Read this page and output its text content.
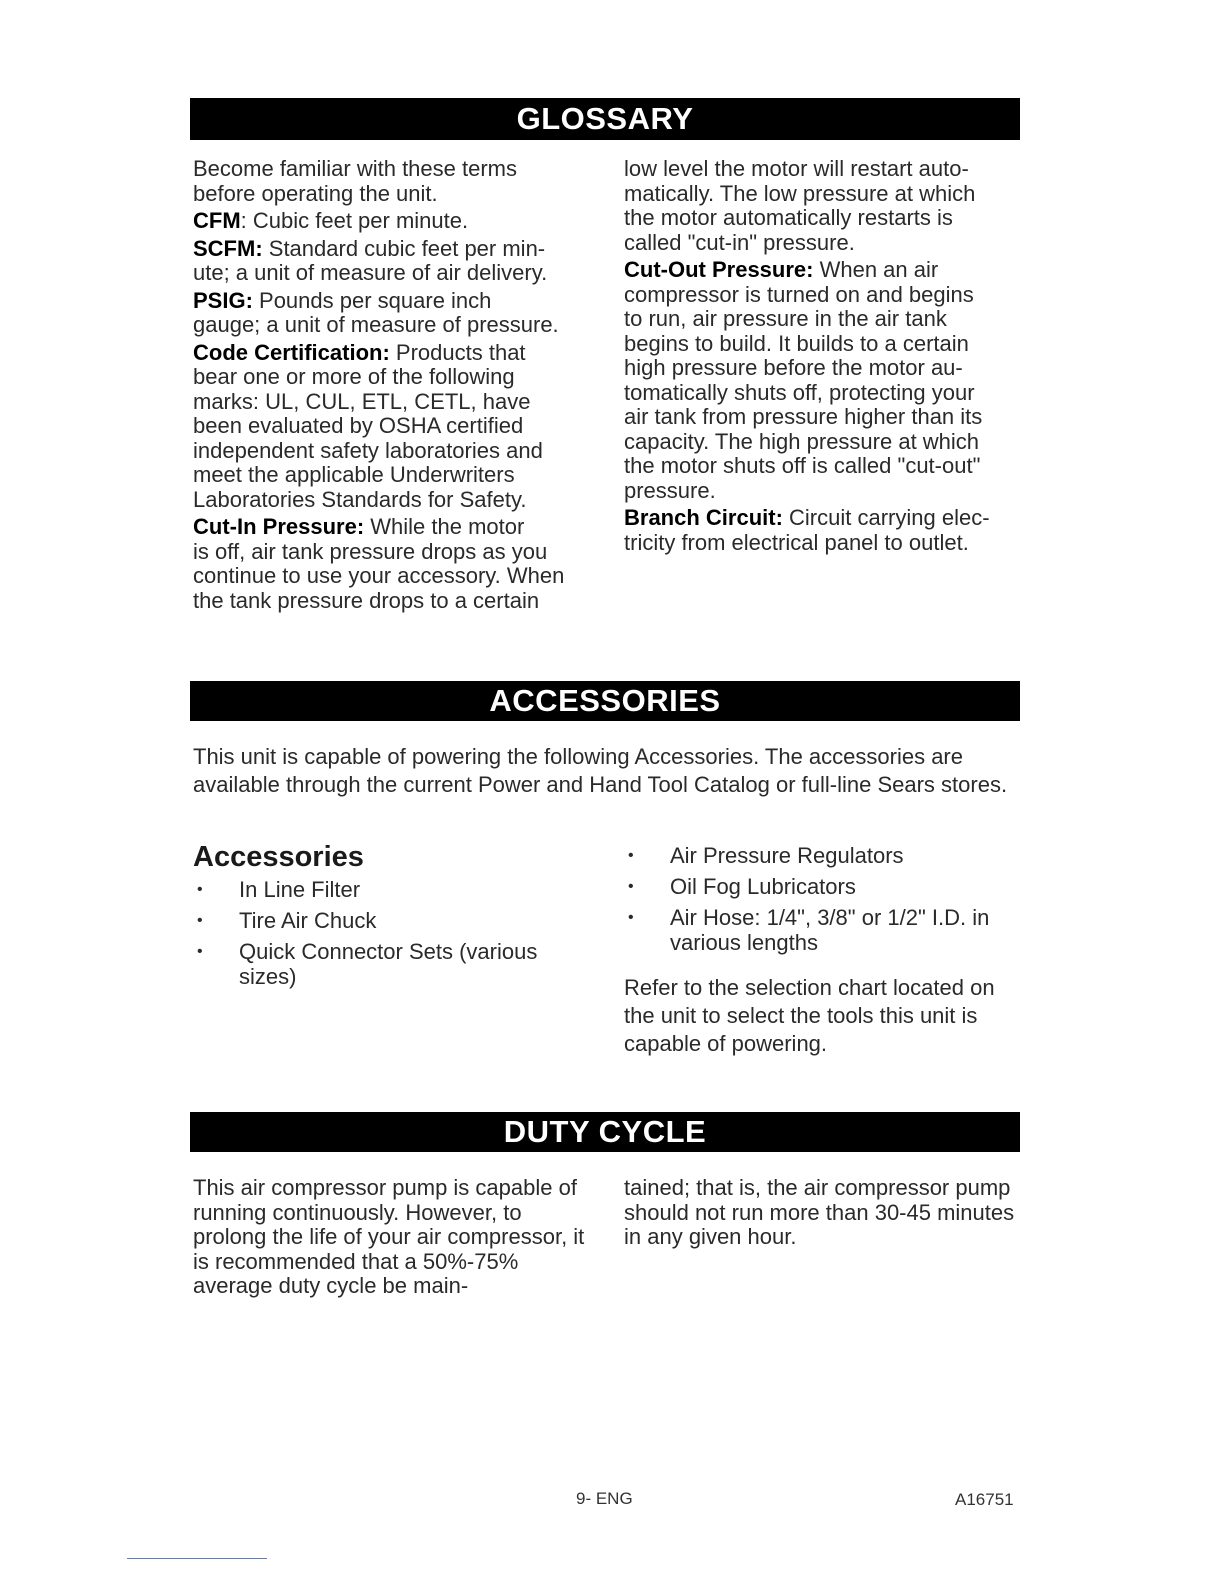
GLOSSARY

Become familiar with these terms
before operating the unit.

CFM: Cubic feet per minute.

SCFM: Standard cubic feet per min-
ute; a unit of measure of air delivery.

PSIG: Pounds per square inch
gauge; a unit of measure of pressure.

Code Certification: Products that
bear one or more of the following
marks: UL, CUL, ETL, CETL, have
been evaluated by OSHA certified
independent safety laboratories and
meet the applicable Underwriters
Laboratories Standards for Safety.

Cut-In Pressure: While the motor
is off, air tank pressure drops as you
continue to use your accessory. When
the tank pressure drops to a certain

low level the motor will restart auto-
matically. The low pressure at which
the motor automatically restarts is
called "cut-in" pressure.

Cut-Out Pressure: When an air
compressor is turned on and begins
to run, air pressure in the air tank
begins to build. It builds to a certain
high pressure before the motor au-
tomatically shuts off, protecting your
air tank from pressure higher than its
capacity. The high pressure at which
the motor shuts off is called "cut-out"
pressure.

Branch Circuit: Circuit carrying elec-
tricity from electrical panel to outlet.

ACCESSORIES
This unit is capable of powering the following Accessories. The accessories are available through the current Power and Hand Tool Catalog or full-line Sears stores.
Accessories
• In Line Filter
• Tire Air Chuck
• Quick Connector Sets (various sizes)
• Air Pressure Regulators
• Oil Fog Lubricators
• Air Hose: 1/4", 3/8" or 1/2" I.D. in various lengths
Refer to the selection chart located on the unit to select the tools this unit is capable of powering.
DUTY CYCLE
This air compressor pump is capable of running continuously. However, to prolong the life of your air compressor, it is recommended that a 50%-75% average duty cycle be main-
tained; that is, the air compressor pump should not run more than 30-45 minutes in any given hour.
9- ENG	A16751
